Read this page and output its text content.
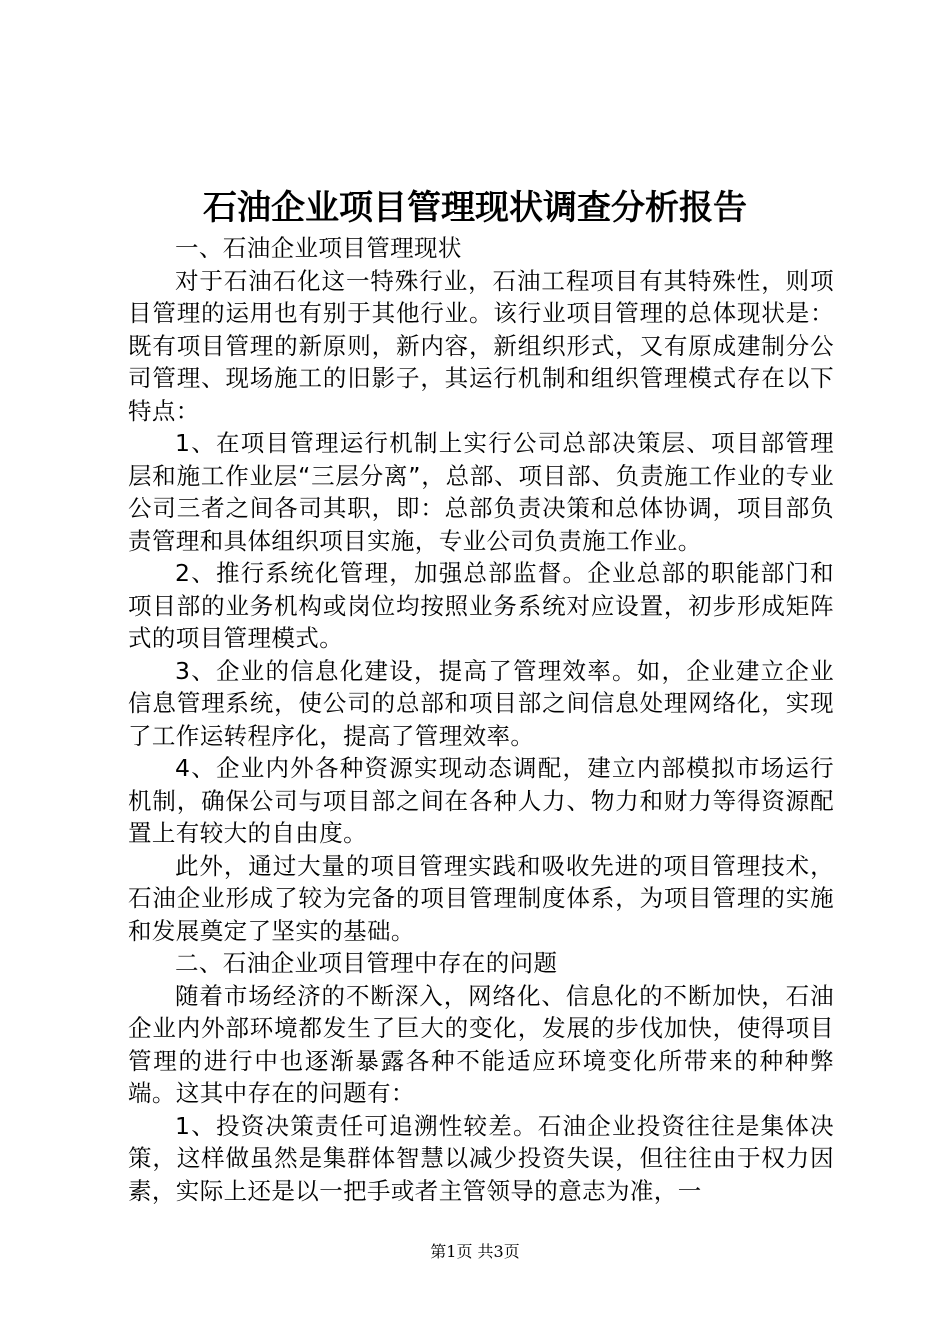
石油企业项目管理现状调查分析报告

一、石油企业项目管理现状

对于石油石化这一特殊行业，石油工程项目有其特殊性，则项目管理的运用也有别于其他行业。该行业项目管理的总体现状是：既有项目管理的新原则，新内容，新组织形式，又有原成建制分公司管理、现场施工的旧影子，其运行机制和组织管理模式存在以下特点：

1、在项目管理运行机制上实行公司总部决策层、项目部管理层和施工作业层“三层分离”，总部、项目部、负责施工作业的专业公司三者之间各司其职，即：总部负责决策和总体协调，项目部负责管理和具体组织项目实施，专业公司负责施工作业。

2、推行系统化管理，加强总部监督。企业总部的职能部门和项目部的业务机构或岗位均按照业务系统对应设置，初步形成矩阵式的项目管理模式。

3、企业的信息化建设，提高了管理效率。如，企业建立企业信息管理系统，使公司的总部和项目部之间信息处理网络化，实现了工作运转程序化，提高了管理效率。

4、企业内外各种资源实现动态调配，建立内部模拟市场运行机制，确保公司与项目部之间在各种人力、物力和财力等得资源配置上有较大的自由度。

此外，通过大量的项目管理实践和吸收先进的项目管理技术，石油企业形成了较为完备的项目管理制度体系，为项目管理的实施和发展奠定了坚实的基础。

二、石油企业项目管理中存在的问题

随着市场经济的不断深入，网络化、信息化的不断加快，石油企业内外部环境都发生了巨大的变化，发展的步伐加快，使得项目管理的进行中也逐渐暴露各种不能适应环境变化所带来的种种弊端。这其中存在的问题有：

1、投资决策责任可追溯性较差。石油企业投资往往是集体决策，这样做虽然是集群体智慧以减少投资失误，但往往由于权力因素，实际上还是以一把手或者主管领导的意志为准，一

第1页 共3页
